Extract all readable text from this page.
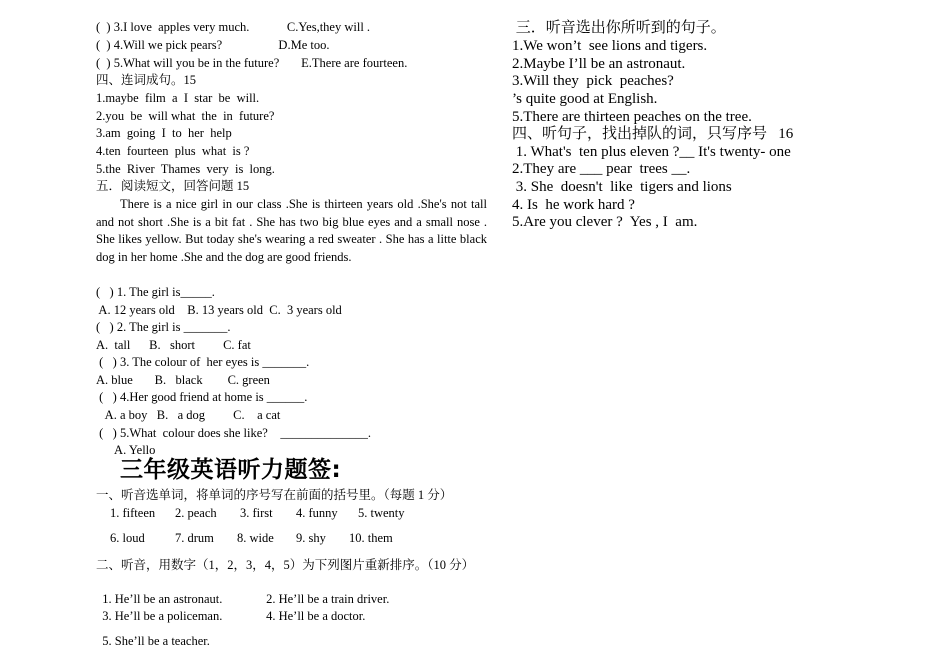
(  ) 3.I love  apples very much.            C.Yes,they will .
(  ) 4.Will we pick pears?                  D.Me too.
(  ) 5.What will you be in the future?       E.There are fourteen.
四、连词成句。15
1.maybe  film  a  I  star  be  will.
2.you  be  will what  the  in  future?
3.am  going  I  to  her  help
4.ten  fourteen  plus  what  is ?
5.the  River  Thames  very  is  long.
五．阅读短文，回答问题 15
There is a nice girl in our class .She is thirteen years old .She's not tall and not short .She is a bit fat . She has two big blue eyes and a small nose . She likes yellow. But today she's wearing a red sweater . She has a litte black dog in her home .She and the dog are good friends.
(   ) 1. The girl is_____.
A. 12 years old    B. 13 years old  C.  3 years old
(   ) 2. The girl is _______.
A.  tall      B.   short         C. fat
(   ) 3. The colour of  her eyes is _______.
A. blue       B.   black        C. green
(   ) 4.Her good friend at home is ______.
A. a boy   B.   a dog         C.    a cat
(   ) 5.What  colour does she like?    ______________.
A. Yello
三年级英语听力题签:
一、听音选单词，将单词的序号写在前面的括号里。（每题 1 分）
1. fifteen 2. peach 3. first 4. funny 5. twenty
6. loud 7. drum 8. wide 9. shy 10. them
二、听音，用数字（1，2，3，4，5）为下列图片重新排序。（10 分）
1. He’ll be an astronaut.              2. He’ll be a train driver.
3. He’ll be a policeman.              4. He’ll be a doctor.
5. She’ll be a teacher.
三．听音选出你所听到的句子。
1.We won’t  see lions and tigers.
2.Maybe I’ll be an astronaut.
3.Will they  pick  peaches?
’s quite good at English.
5.There are thirteen peaches on the tree.
四、听句子，找出掉队的词，只写序号   16
1. What's  ten plus eleven ?__ It's twenty- one
2.They are ___ pear  trees __.
3. She  doesn't  like  tigers and lions
4. Is  he work hard ?
5.Are you clever ?  Yes , I  am.
